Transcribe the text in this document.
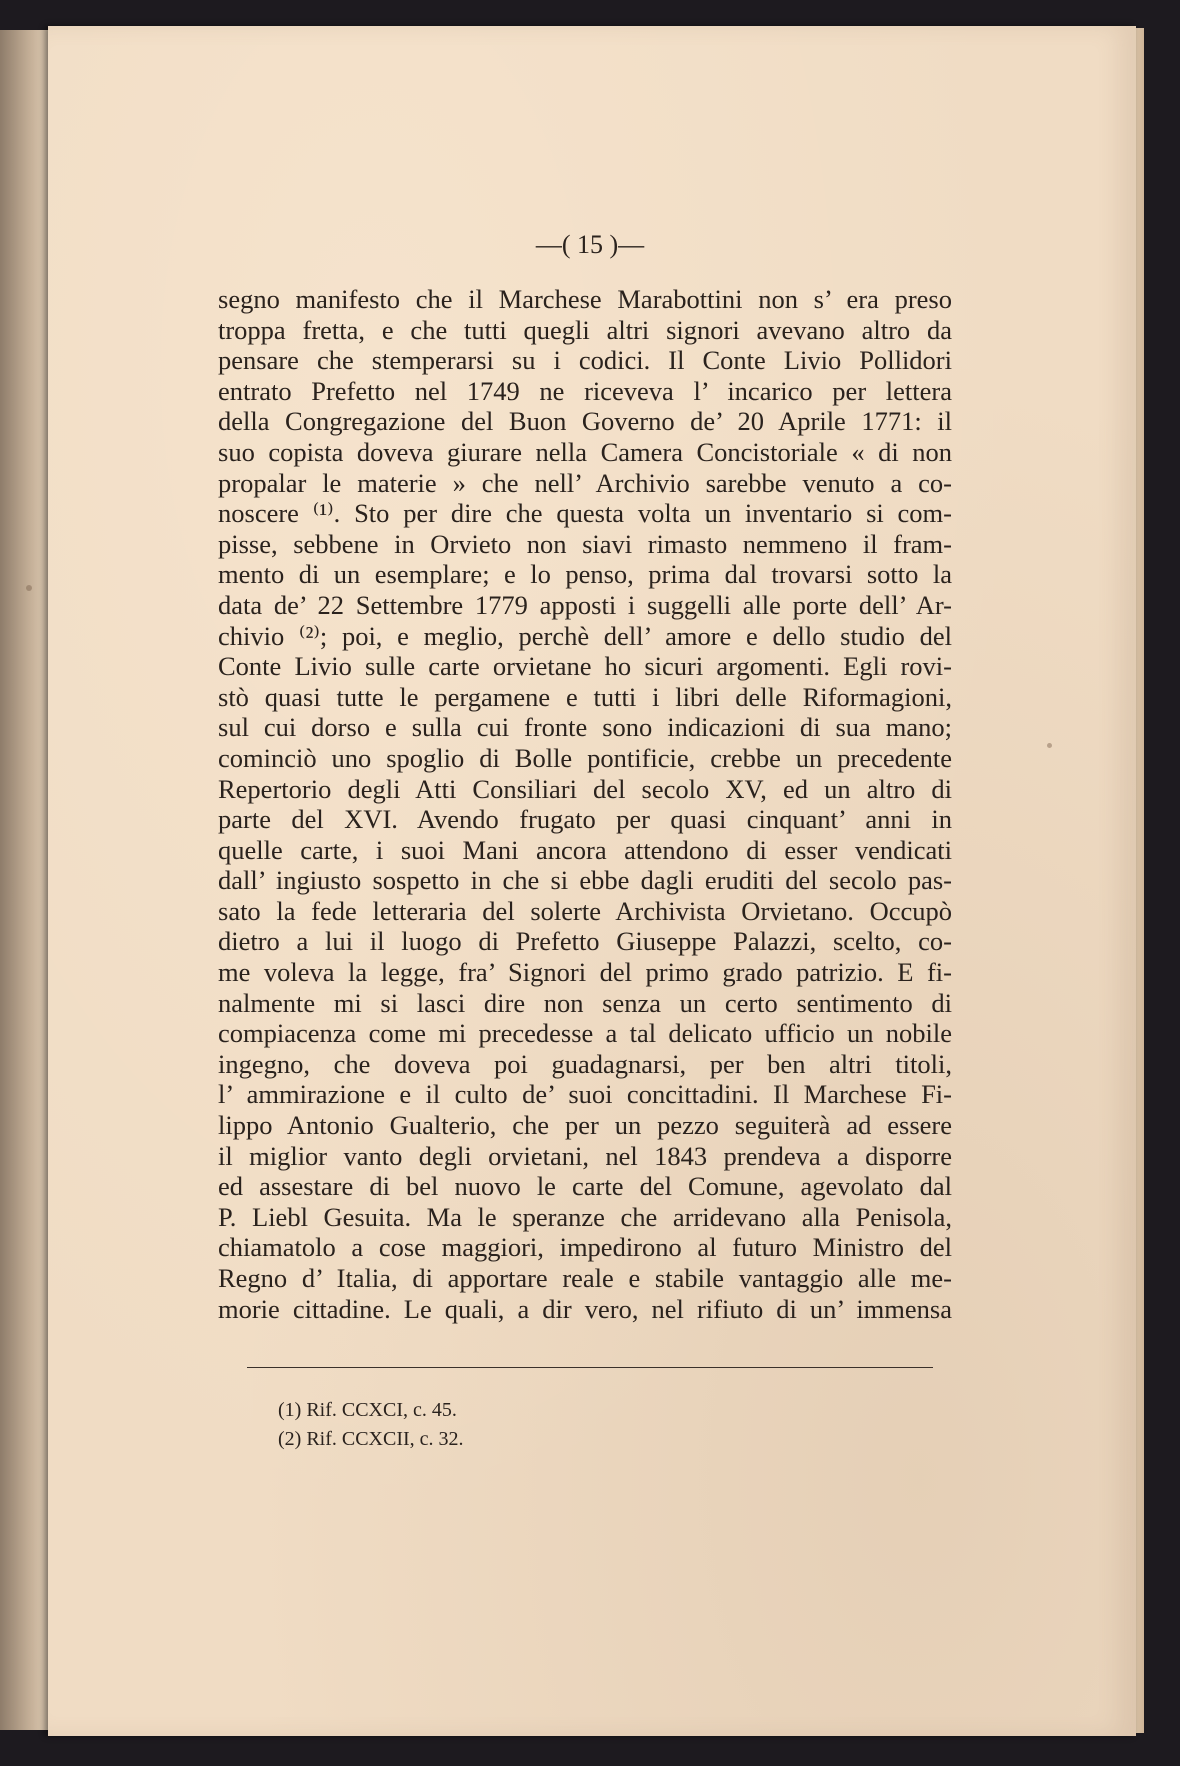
—( 15 )—
segno manifesto che il Marchese Marabottini non s’ era preso
troppa fretta, e che tutti quegli altri signori avevano altro da
pensare che stemperarsi su i codici. Il Conte Livio Pollidori
entrato Prefetto nel 1749 ne riceveva l’ incarico per lettera
della Congregazione del Buon Governo de’ 20 Aprile 1771: il
suo copista doveva giurare nella Camera Concistoriale « di non
propalar le materie » che nell’ Archivio sarebbe venuto a co-
noscere ⁽¹⁾. Sto per dire che questa volta un inventario si com-
pisse, sebbene in Orvieto non siavi rimasto nemmeno il fram-
mento di un esemplare; e lo penso, prima dal trovarsi sotto la
data de’ 22 Settembre 1779 apposti i suggelli alle porte dell’ Ar-
chivio ⁽²⁾; poi, e meglio, perchè dell’ amore e dello studio del
Conte Livio sulle carte orvietane ho sicuri argomenti. Egli rovi-
stò quasi tutte le pergamene e tutti i libri delle Riformagioni,
sul cui dorso e sulla cui fronte sono indicazioni di sua mano;
cominciò uno spoglio di Bolle pontificie, crebbe un precedente
Repertorio degli Atti Consiliari del secolo XV, ed un altro di
parte del XVI. Avendo frugato per quasi cinquant’ anni in
quelle carte, i suoi Mani ancora attendono di esser vendicati
dall’ ingiusto sospetto in che si ebbe dagli eruditi del secolo pas-
sato la fede letteraria del solerte Archivista Orvietano. Occupò
dietro a lui il luogo di Prefetto Giuseppe Palazzi, scelto, co-
me voleva la legge, fra’ Signori del primo grado patrizio. E fi-
nalmente mi si lasci dire non senza un certo sentimento di
compiacenza come mi precedesse a tal delicato ufficio un nobile
ingegno, che doveva poi guadagnarsi, per ben altri titoli,
l’ ammirazione e il culto de’ suoi concittadini. Il Marchese Fi-
lippo Antonio Gualterio, che per un pezzo seguiterà ad essere
il miglior vanto degli orvietani, nel 1843 prendeva a disporre
ed assestare di bel nuovo le carte del Comune, agevolato dal
P. Liebl Gesuita. Ma le speranze che arridevano alla Penisola,
chiamatolo a cose maggiori, impedirono al futuro Ministro del
Regno d’ Italia, di apportare reale e stabile vantaggio alle me-
morie cittadine. Le quali, a dir vero, nel rifiuto di un’ immensa
(1) Rif. CCXCI, c. 45.
(2) Rif. CCXCII, c. 32.
